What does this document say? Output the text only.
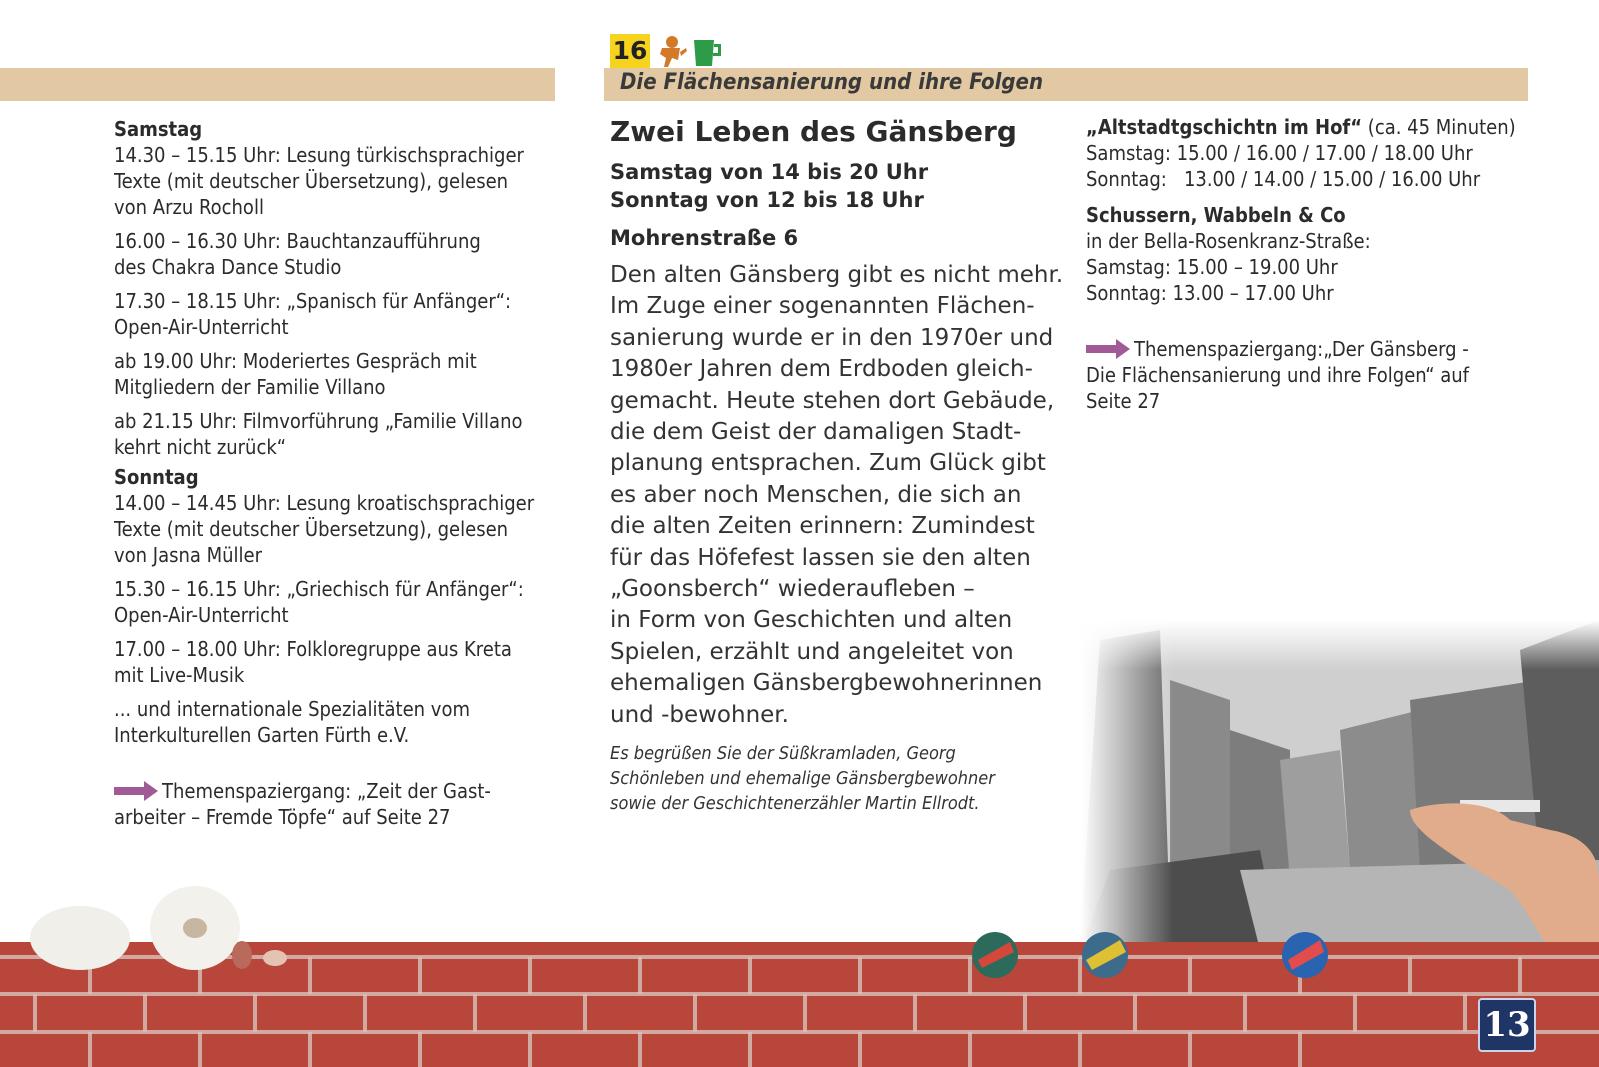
16
Die Flächensanierung und ihre Folgen
Samstag
14.30 – 15.15 Uhr: Lesung türkischsprachiger
Texte (mit deutscher Übersetzung), gelesen
von Arzu Rocholl
16.00 – 16.30 Uhr: Bauchtanzaufführung
des Chakra Dance Studio
17.30 – 18.15 Uhr: „Spanisch für Anfänger“:
Open-Air-Unterricht
ab 19.00 Uhr: Moderiertes Gespräch mit
Mitgliedern der Familie Villano
ab 21.15 Uhr: Filmvorführung „Familie Villano
kehrt nicht zurück“
Sonntag
14.00 – 14.45 Uhr: Lesung kroatischsprachiger
Texte (mit deutscher Übersetzung), gelesen
von Jasna Müller
15.30 – 16.15 Uhr: „Griechisch für Anfänger“:
Open-Air-Unterricht
17.00 – 18.00 Uhr: Folkloregruppe aus Kreta
mit Live-Musik
... und internationale Spezialitäten vom
Interkulturellen Garten Fürth e.V.
Themenspaziergang: „Zeit der Gast-
arbeiter – Fremde Töpfe“ auf Seite 27
Zwei Leben des Gänsberg
Samstag von 14 bis 20 Uhr
Sonntag von 12 bis 18 Uhr
Mohrenstraße 6
Den alten Gänsberg gibt es nicht mehr.
Im Zuge einer sogenannten Flächen-
sanierung wurde er in den 1970er und
1980er Jahren dem Erdboden gleich-
gemacht. Heute stehen dort Gebäude,
die dem Geist der damaligen Stadt-
planung entsprachen. Zum Glück gibt
es aber noch Menschen, die sich an
die alten Zeiten erinnern: Zumindest
für das Höfefest lassen sie den alten
„Goonsberch“ wiederaufleben –
in Form von Geschichten und alten
Spielen, erzählt und angeleitet von
ehemaligen Gänsbergbewohnerinnen
und -bewohner.
Es begrüßen Sie der Süßkramladen, Georg
Schönleben und ehemalige Gänsbergbewohner
sowie der Geschichtenerzähler Martin Ellrodt.
„Altstadtgschichtn im Hof“ (ca. 45 Minuten)
Samstag: 15.00 / 16.00 / 17.00 / 18.00 Uhr
Sonntag:   13.00 / 14.00 / 15.00 / 16.00 Uhr
Schussern, Wabbeln & Co
in der Bella-Rosenkranz-Straße:
Samstag: 15.00 – 19.00 Uhr
Sonntag: 13.00 – 17.00 Uhr
Themenspaziergang:„Der Gänsberg -
Die Flächensanierung und ihre Folgen“ auf
Seite 27
13
